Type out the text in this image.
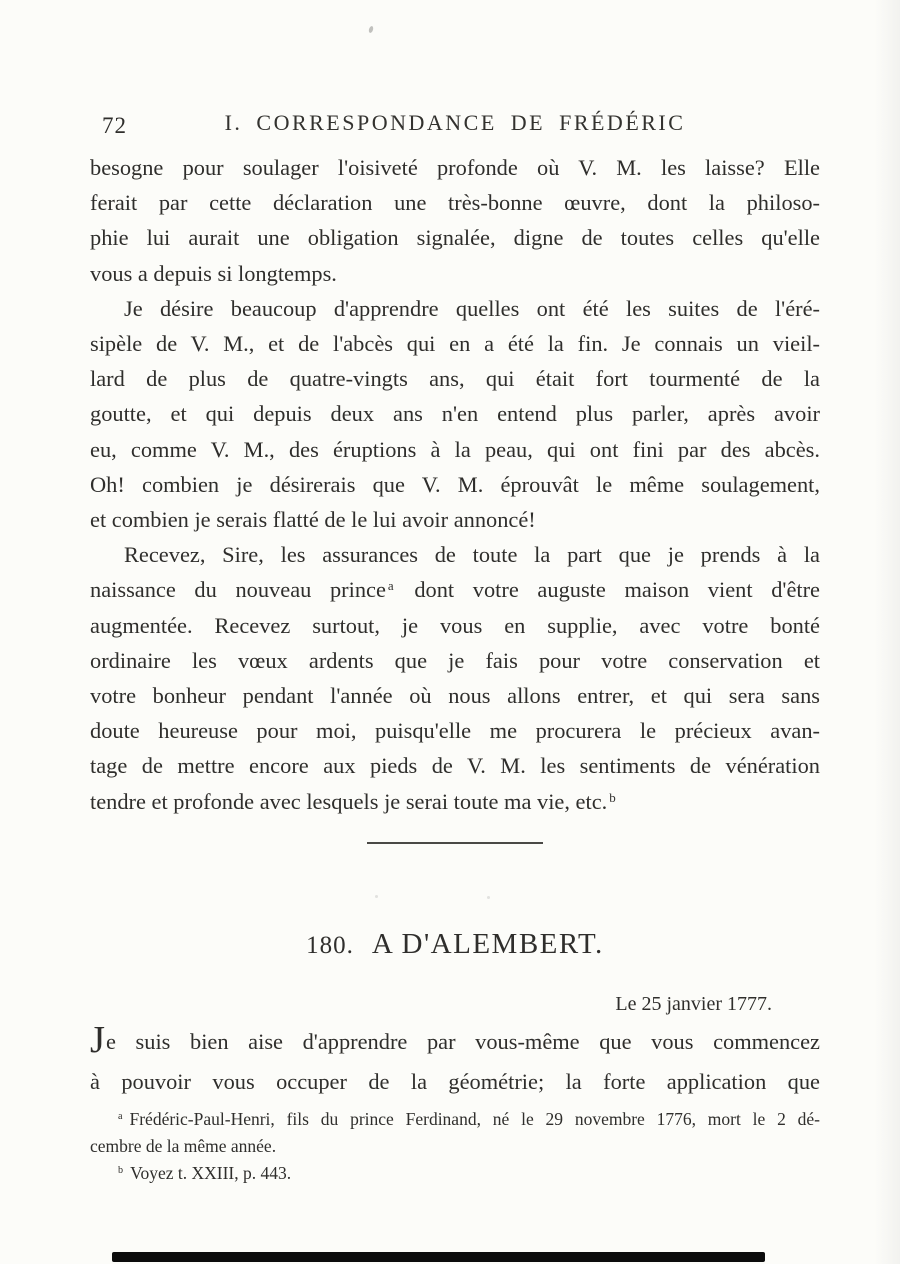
72	I. CORRESPONDANCE DE FRÉDÉRIC
besogne pour soulager l'oisiveté profonde où V. M. les laisse? Elle
ferait par cette déclaration une très-bonne œuvre, dont la philoso-
phie lui aurait une obligation signalée, digne de toutes celles qu'elle
vous a depuis si longtemps.
Je désire beaucoup d'apprendre quelles ont été les suites de l'éré-
sipèle de V. M., et de l'abcès qui en a été la fin. Je connais un vieil-
lard de plus de quatre-vingts ans, qui était fort tourmenté de la
goutte, et qui depuis deux ans n'en entend plus parler, après avoir
eu, comme V. M., des éruptions à la peau, qui ont fini par des abcès.
Oh! combien je désirerais que V. M. éprouvât le même soulagement,
et combien je serais flatté de le lui avoir annoncé!
Recevez, Sire, les assurances de toute la part que je prends à la
naissance du nouveau prince $^a$ dont votre auguste maison vient d'être
augmentée. Recevez surtout, je vous en supplie, avec votre bonté
ordinaire les vœux ardents que je fais pour votre conservation et
votre bonheur pendant l'année où nous allons entrer, et qui sera sans
doute heureuse pour moi, puisqu'elle me procurera le précieux avan-
tage de mettre encore aux pieds de V. M. les sentiments de vénération
tendre et profonde avec lesquels je serai toute ma vie, etc. $^b$
180. A D'ALEMBERT.
Le 25 janvier 1777.
Je suis bien aise d'apprendre par vous-même que vous commencez
à pouvoir vous occuper de la géométrie; la forte application que
$^a$ Frédéric-Paul-Henri, fils du prince Ferdinand, né le 29 novembre 1776, mort le 2 dé-
cembre de la même année.
$^b$ Voyez t. XXIII, p. 443.
